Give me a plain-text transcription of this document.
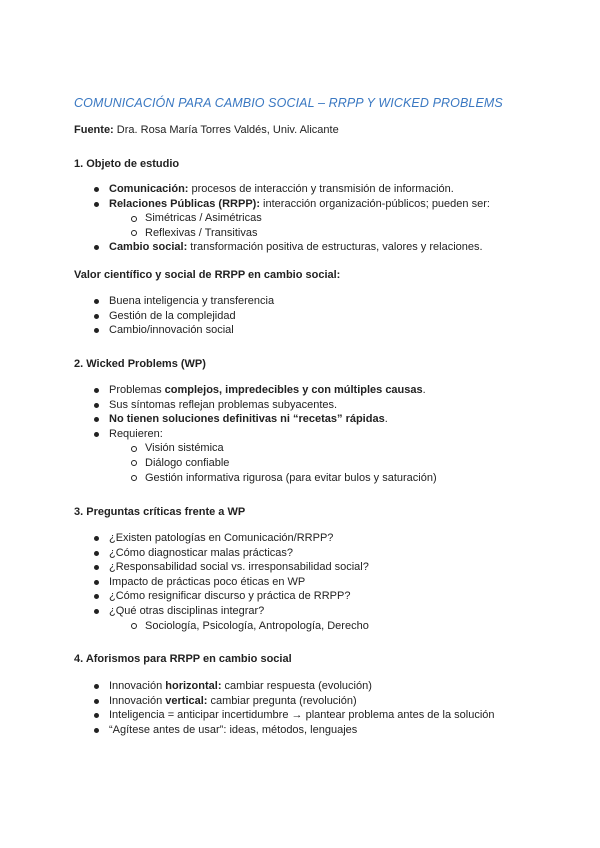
COMUNICACIÓN PARA CAMBIO SOCIAL – RRPP Y WICKED PROBLEMS
Fuente: Dra. Rosa María Torres Valdés, Univ. Alicante
1. Objeto de estudio
Comunicación: procesos de interacción y transmisión de información.
Relaciones Públicas (RRPP): interacción organización-públicos; pueden ser:
Simétricas / Asimétricas
Reflexivas / Transitivas
Cambio social: transformación positiva de estructuras, valores y relaciones.
Valor científico y social de RRPP en cambio social:
Buena inteligencia y transferencia
Gestión de la complejidad
Cambio/innovación social
2. Wicked Problems (WP)
Problemas complejos, impredecibles y con múltiples causas.
Sus síntomas reflejan problemas subyacentes.
No tienen soluciones definitivas ni “recetas” rápidas.
Requieren:
Visión sistémica
Diálogo confiable
Gestión informativa rigurosa (para evitar bulos y saturación)
3. Preguntas críticas frente a WP
¿Existen patologías en Comunicación/RRPP?
¿Cómo diagnosticar malas prácticas?
¿Responsabilidad social vs. irresponsabilidad social?
Impacto de prácticas poco éticas en WP
¿Cómo resignificar discurso y práctica de RRPP?
¿Qué otras disciplinas integrar?
Sociología, Psicología, Antropología, Derecho
4. Aforismos para RRPP en cambio social
Innovación horizontal: cambiar respuesta (evolución)
Innovación vertical: cambiar pregunta (revolución)
Inteligencia = anticipar incertidumbre → plantear problema antes de la solución
“Agítese antes de usar”: ideas, métodos, lenguajes
